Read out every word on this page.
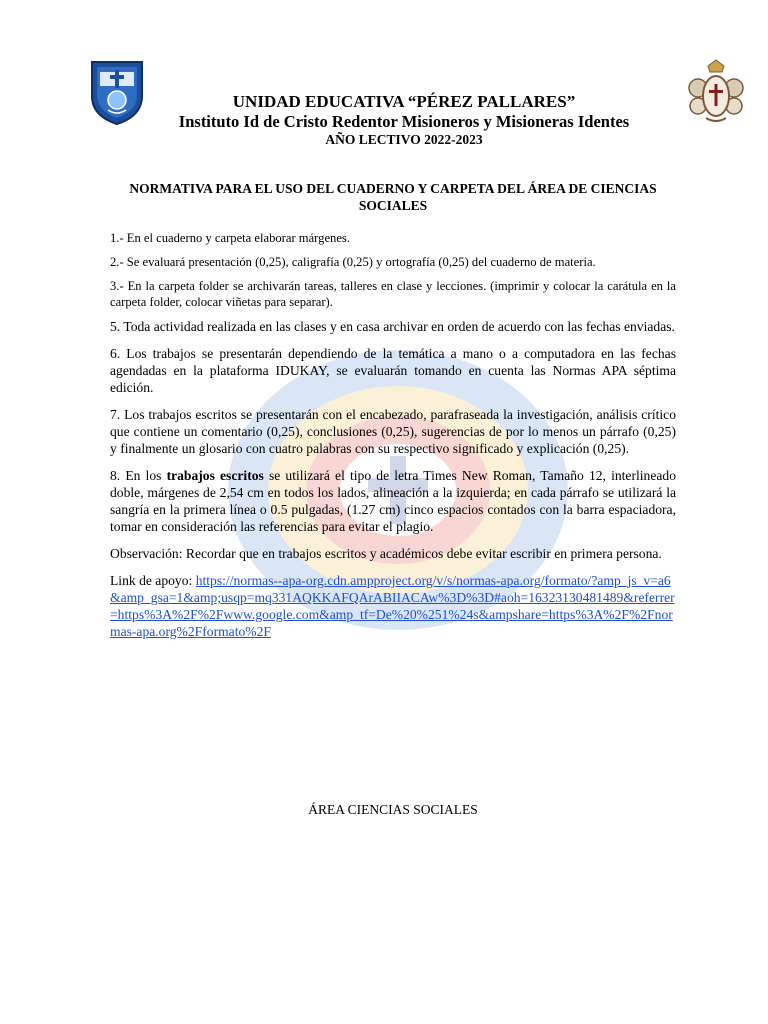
UNIDAD EDUCATIVA “PÉREZ PALLARES”
Instituto Id de Cristo Redentor Misioneros y Misioneras Identes
AÑO LECTIVO 2022-2023
NORMATIVA PARA EL USO DEL CUADERNO Y CARPETA DEL ÁREA DE CIENCIAS SOCIALES

1.- En el cuaderno y carpeta elaborar márgenes.

2.- Se evaluará presentación (0,25), caligrafía (0,25) y ortografía (0,25) del cuaderno de materia.

3.- En la carpeta folder se archivarán tareas, talleres en clase y lecciones. (imprimir y colocar la carátula en la carpeta folder, colocar viñetas para separar).

5. Toda actividad realizada en las clases y en casa archivar en orden de acuerdo con las fechas enviadas.

6. Los trabajos se presentarán dependiendo de la temática a mano o a computadora en las fechas agendadas en la plataforma IDUKAY, se evaluarán tomando en cuenta las Normas APA séptima edición.

7. Los trabajos escritos se presentarán con el encabezado, parafraseada la investigación, análisis crítico que contiene un comentario (0,25), conclusiones (0,25), sugerencias de por lo menos un párrafo (0,25) y finalmente un glosario con cuatro palabras con su respectivo significado y explicación (0,25).

8. En los trabajos escritos se utilizará el tipo de letra Times New Roman, Tamaño 12, interlineado doble, márgenes de 2,54 cm en todos los lados, alineación a la izquierda; en cada párrafo se utilizará la sangría en la primera línea o 0.5 pulgadas, (1.27 cm) cinco espacios contados con la barra espaciadora, tomar en consideración las referencias para evitar el plagio.

Observación: Recordar que en trabajos escritos y académicos debe evitar escribir en primera persona.

Link de apoyo: https://normas--apa-org.cdn.ampproject.org/v/s/normas-apa.org/formato/?amp_js_v=a6&amp_gsa=1&amp;usqp=mq331AQKKAFQArABIIACAw%3D%3D#aoh=16323130481489&referrer=https%3A%2F%2Fwww.google.com&amp_tf=De%20%251%24s&ampshare=https%3A%2F%2Fnormas-apa.org%2Fformato%2F

ÁREA CIENCIAS SOCIALES
